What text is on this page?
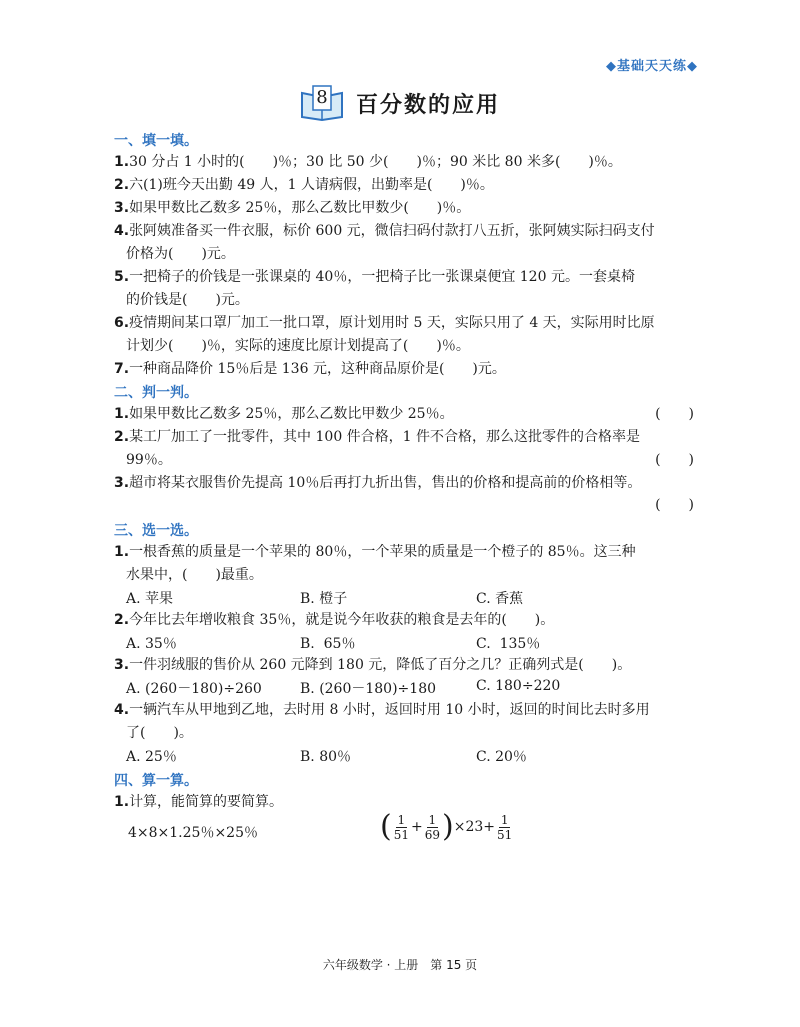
◆基础天天练◆
8 百分数的应用
一、填一填。
1.30 分占 1 小时的(　　)％；30 比 50 少(　　)％；90 米比 80 米多(　　)％。
2.六(1)班今天出勤 49 人，1 人请病假，出勤率是(　　)％。
3.如果甲数比乙数多 25％，那么乙数比甲数少(　　)％。
4.张阿姨准备买一件衣服，标价 600 元，微信扫码付款打八五折，张阿姨实际扫码支付
价格为(　　)元。
5.一把椅子的价钱是一张课桌的 40％，一把椅子比一张课桌便宜 120 元。一套桌椅
的价钱是(　　)元。
6.疫情期间某口罩厂加工一批口罩，原计划用时 5 天，实际只用了 4 天，实际用时比原
计划少(　　)％，实际的速度比原计划提高了(　　)％。
7.一种商品降价 15％后是 136 元，这种商品原价是(　　)元。
二、判一判。
1.如果甲数比乙数多 25％，那么乙数比甲数少 25％。	(　　)
2.某工厂加工了一批零件，其中 100 件合格，1 件不合格，那么这批零件的合格率是
99％。	(　　)
3.超市将某衣服售价先提高 10％后再打九折出售，售出的价格和提高前的价格相等。
(　　)
三、选一选。
1.一根香蕉的质量是一个苹果的 80％，一个苹果的质量是一个橙子的 85％。这三种
水果中，(　　)最重。
A. 苹果	B. 橙子	C. 香蕉
2.今年比去年增收粮食 35％，就是说今年收获的粮食是去年的(　　)。
A. 35％	B.  65％	C.  135％
3.一件羽绒服的售价从 260 元降到 180 元，降低了百分之几？正确列式是(　　)。
A. (260－180)÷260	B. (260－180)÷180	C. 180÷220
4.一辆汽车从甲地到乙地，去时用 8 小时，返回时用 10 小时，返回的时间比去时多用
了(　　)。
A. 25％	B. 80％	C. 20％
四、算一算。
1.计算，能简算的要简算。
4×8×1.25％×25％	( $\frac{1}{51} + \frac{1}{69} )\times 23+ \frac{1}{51}$
六年级数学 · 上册　第 15 页
